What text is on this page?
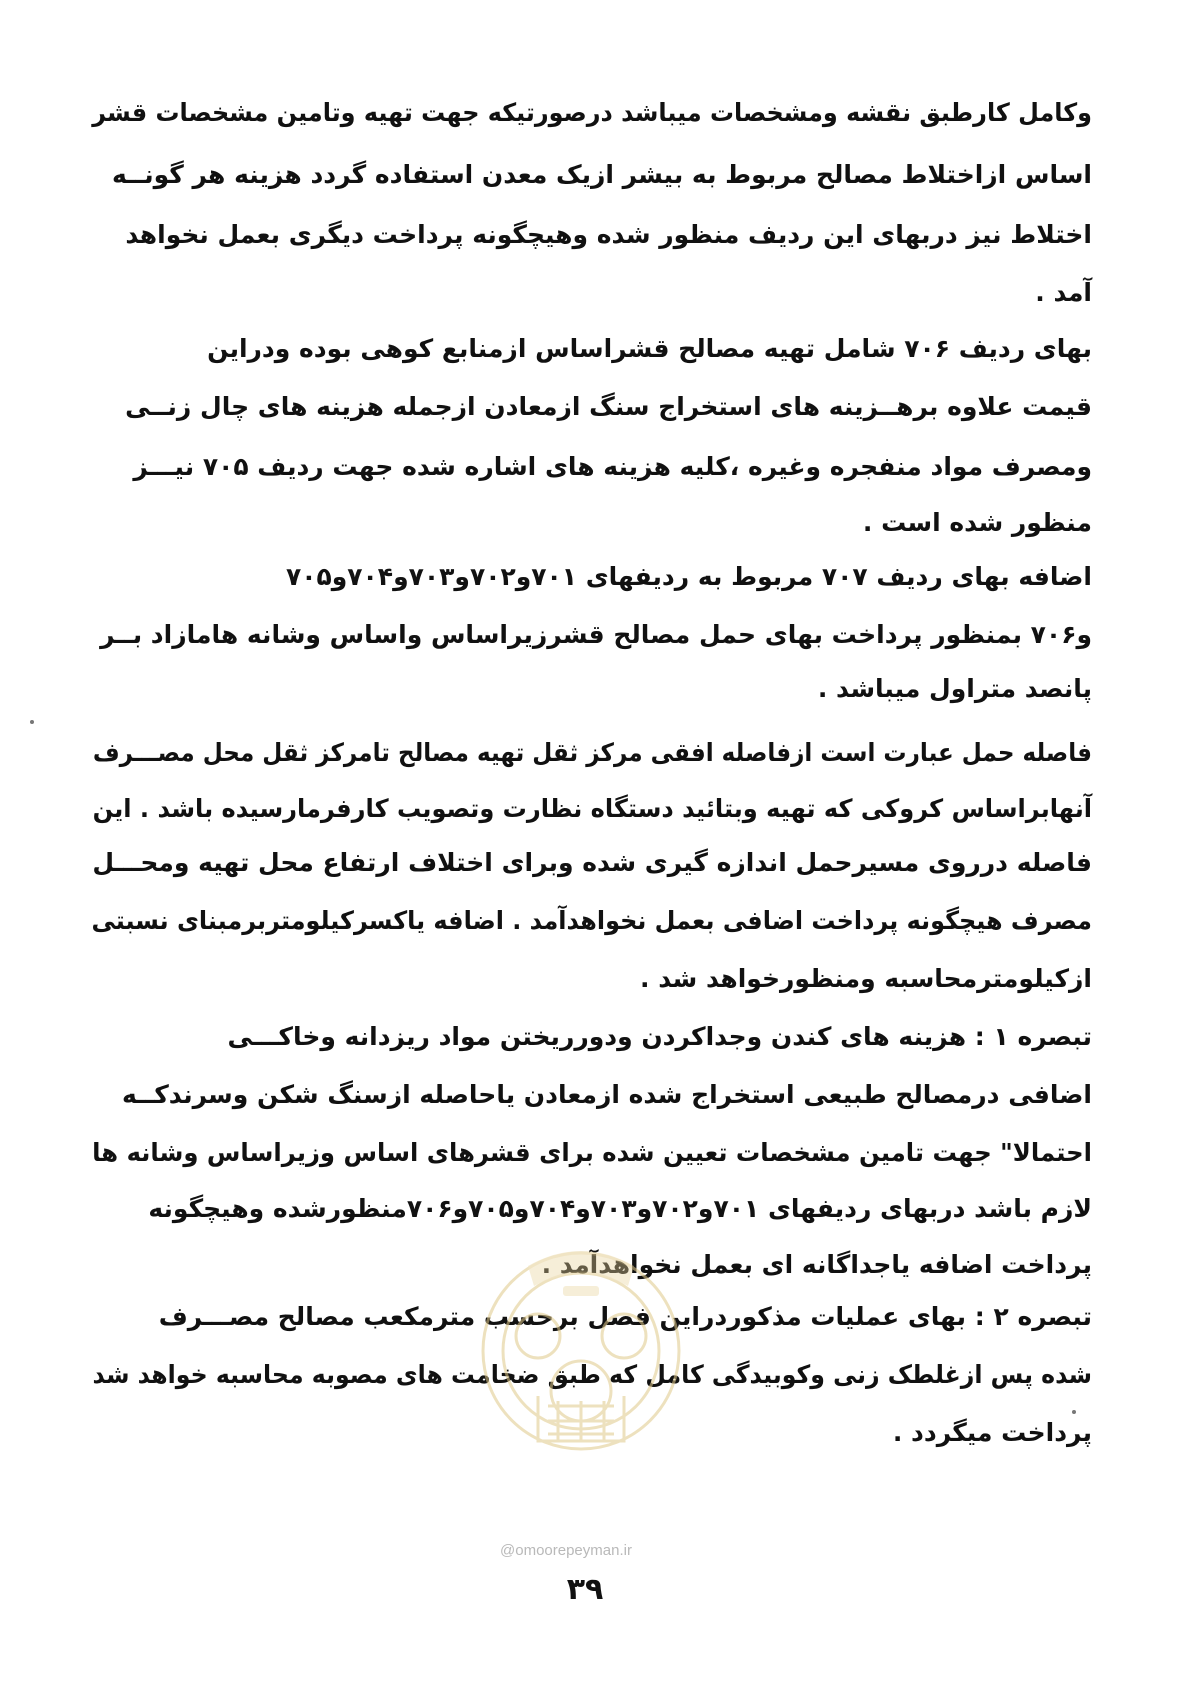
وکامل کارطبق نقشه ومشخصات میباشد درصورتیکه جهت تهیه وتامین مشخصات قشر
اساس ازاختلاط مصالح مربوط به بیشر ازیک معدن استفاده گردد هزینه هر گونــه
اختلاط نیز دربهای این ردیف منظور شده وهیچگونه پرداخت دیگری بعمل نخواهد
آمد .
بهای ردیف ۷۰۶ شامل تهیه مصالح قشراساس ازمنابع کوهی بوده ودراین
قیمت علاوه برهــزینه های استخراج سنگ ازمعادن ازجمله هزینه های چال زنــی
ومصرف مواد منفجره وغیره ،کلیه هزینه های اشاره شده جهت ردیف ۷۰۵ نیـــز
منظور شده است .
اضافه بهای ردیف ۷۰۷ مربوط به ردیفهای ۷۰۱و۷۰۲و۷۰۳و۷۰۴و۷۰۵
و۷۰۶ بمنظور پرداخت بهای حمل مصالح قشرزیراساس واساس وشانه هامازاد بــر
پانصد متراول میباشد .
فاصله حمل عبارت است ازفاصله افقی مرکز ثقل تهیه مصالح تامرکز ثقل محل مصـــرف
آنهابراساس کروکی که تهیه وبتائید دستگاه نظارت وتصویب کارفرمارسیده باشد . این
فاصله درروی مسیرحمل اندازه گیری شده وبرای اختلاف ارتفاع محل تهیه ومحـــل
مصرف هیچگونه پرداخت اضافی بعمل نخواهدآمد . اضافه یاکسرکیلومتربرمبنای نسبتی
ازکیلومترمحاسبه ومنظورخواهد شد .
تبصره ۱ : هزینه های کندن وجداکردن ودورریختن مواد ریزدانه وخاکـــی
اضافی درمصالح طبیعی استخراج شده ازمعادن یاحاصله ازسنگ شکن وسرندکــه
احتمالا" جهت تامین مشخصات تعیین شده برای قشرهای اساس وزیراساس وشانه ها
لازم باشد دربهای ردیفهای ۷۰۱و۷۰۲و۷۰۳و۷۰۴و۷۰۵و۷۰۶منظورشده وهیچگونه
پرداخت اضافه یاجداگانه ای بعمل نخواهدآمد .
تبصره ۲ : بهای عملیات مذکوردراین فصل برحسب مترمکعب مصالح مصـــرف
شده پس ازغلطک زنی وکوبیدگی کامل که طبق ضخامت های مصوبه محاسبه خواهد شد
پرداخت میگردد .
@omoorepeyman.ir
۳۹
